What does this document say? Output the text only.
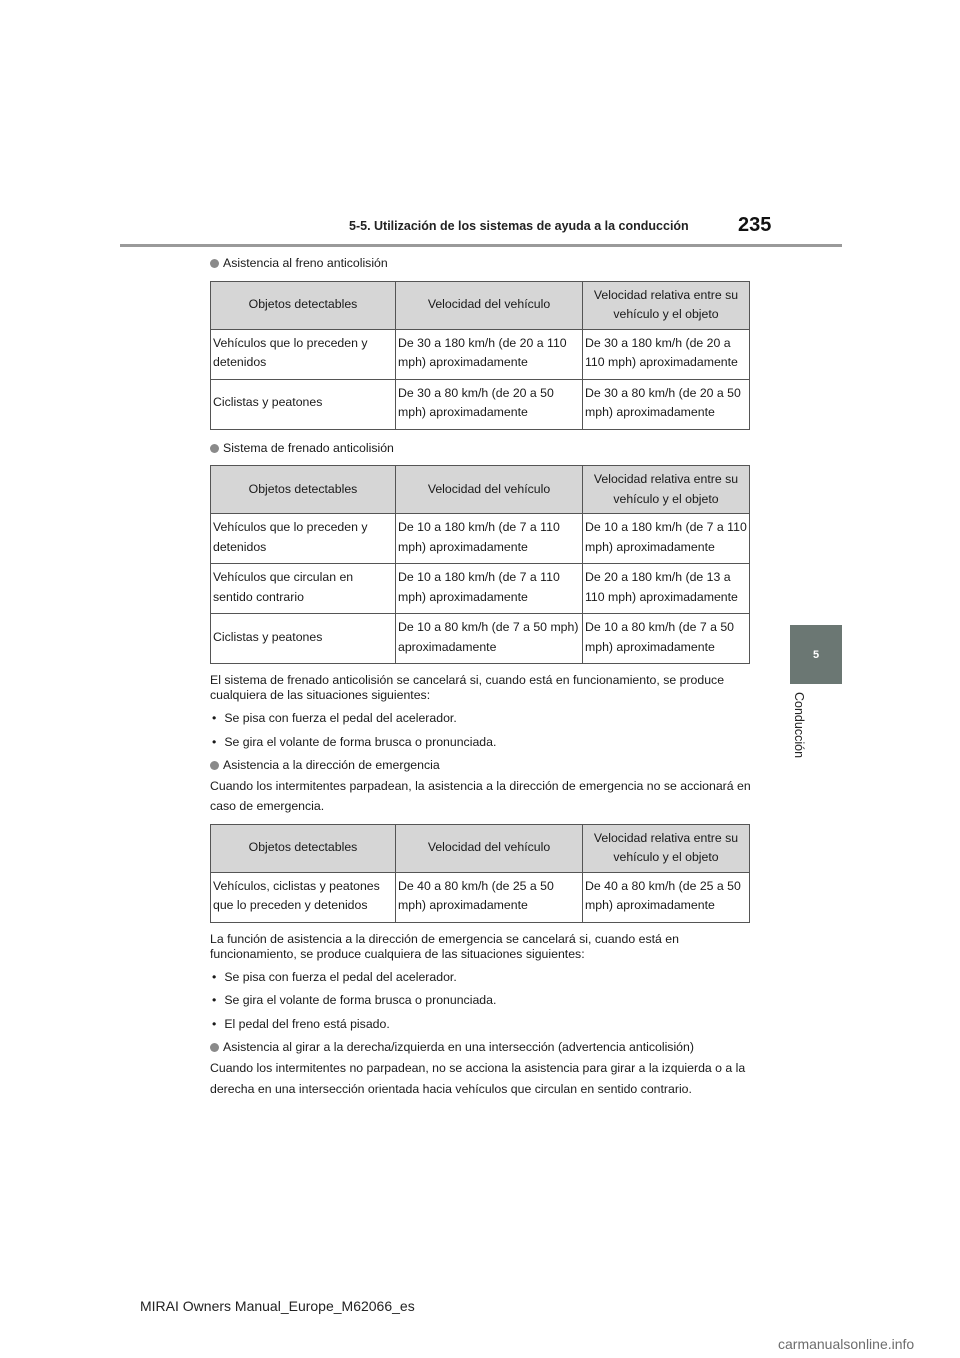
5-5. Utilización de los sistemas de ayuda a la conducción 235
5
Conducción

Asistencia al freno anticolisión

Objetos detectables	Velocidad del vehículo	Velocidad relativa entre su vehículo y el objeto
Vehículos que lo preceden y detenidos	De 30 a 180 km/h (de 20 a 110 mph) aproximadamente	De 30 a 180 km/h (de 20 a 110 mph) aproximadamente
Ciclistas y peatones	De 30 a 80 km/h (de 20 a 50 mph) aproximadamente	De 30 a 80 km/h (de 20 a 50 mph) aproximadamente

Sistema de frenado anticolisión

Objetos detectables	Velocidad del vehículo	Velocidad relativa entre su vehículo y el objeto
Vehículos que lo preceden y detenidos	De 10 a 180 km/h (de 7 a 110 mph) aproximadamente	De 10 a 180 km/h (de 7 a 110 mph) aproximadamente
Vehículos que circulan en sentido contrario	De 10 a 180 km/h (de 7 a 110 mph) aproximadamente	De 20 a 180 km/h (de 13 a 110 mph) aproximadamente
Ciclistas y peatones	De 10 a 80 km/h (de 7 a 50 mph) aproximadamente	De 10 a 80 km/h (de 7 a 50 mph) aproximadamente

El sistema de frenado anticolisión se cancelará si, cuando está en funcionamiento, se produce cualquiera de las situaciones siguientes:

• Se pisa con fuerza el pedal del acelerador.
• Se gira el volante de forma brusca o pronunciada.

Asistencia a la dirección de emergencia

Cuando los intermitentes parpadean, la asistencia a la dirección de emergencia no se accionará en caso de emergencia.

Objetos detectables	Velocidad del vehículo	Velocidad relativa entre su vehículo y el objeto
Vehículos, ciclistas y peatones que lo preceden y detenidos	De 40 a 80 km/h (de 25 a 50 mph) aproximadamente	De 40 a 80 km/h (de 25 a 50 mph) aproximadamente

La función de asistencia a la dirección de emergencia se cancelará si, cuando está en funcionamiento, se produce cualquiera de las situaciones siguientes:

• Se pisa con fuerza el pedal del acelerador.
• Se gira el volante de forma brusca o pronunciada.
• El pedal del freno está pisado.

Asistencia al girar a la derecha/izquierda en una intersección (advertencia anticolisión)

Cuando los intermitentes no parpadean, no se acciona la asistencia para girar a la izquierda o a la derecha en una intersección orientada hacia vehículos que circulan en sentido contrario.

MIRAI Owners Manual_Europe_M62066_es
carmanualsonline.info
